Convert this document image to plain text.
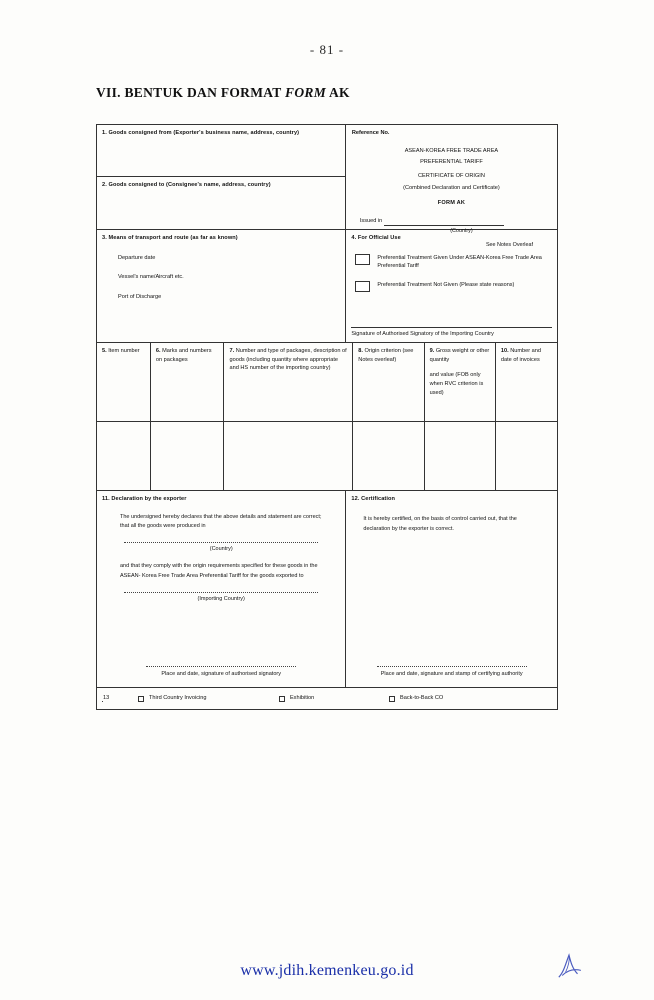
- 81 -
VII. BENTUK DAN FORMAT FORM AK
1. Goods consigned from (Exporter's business name, address, country)
2. Goods consigned to (Consignee's name, address, country)
Reference No.
ASEAN-KOREA FREE TRADE AREA
PREFERENTIAL TARIFF
CERTIFICATE OF ORIGIN
(Combined Declaration and Certificate)
FORM AK
Issued in
(Country)
See Notes Overleaf
3. Means of transport and route (as far as known)
Departure date
Vessel's name/Aircraft etc.
Port of Discharge
4. For Official Use
Preferential Treatment Given Under ASEAN-Korea Free Trade Area Preferential Tariff
Preferential Treatment Not Given (Please state reasons)
Signature of Authorised Signatory of the Importing Country
5. Item number	6. Marks and numbers on packages
7. Number and type of packages, description of goods (including quantity where appropriate and HS number of the importing country)
8. Origin criterion (see Notes overleaf)
9. Gross weight or other quantity
and value (FOB only when RVC criterion is used)
10. Number and date of invoices
11. Declaration by the exporter
The undersigned hereby declares that the above details and statement are correct; that all the goods were produced in
(Country)
and that they comply with the origin requirements specified for these goods in the ASEAN- Korea Free Trade Area Preferential Tariff for the goods exported to
(Importing Country)
Place and date, signature of authorised signatory
12. Certification
It is hereby certified, on the basis of control carried out, that the declaration by the exporter is correct.
Place and date, signature and stamp of certifying authority
13	Third Country Invoicing	Exhibition	Back-to-Back CO
·
www.jdih.kemenkeu.go.id
